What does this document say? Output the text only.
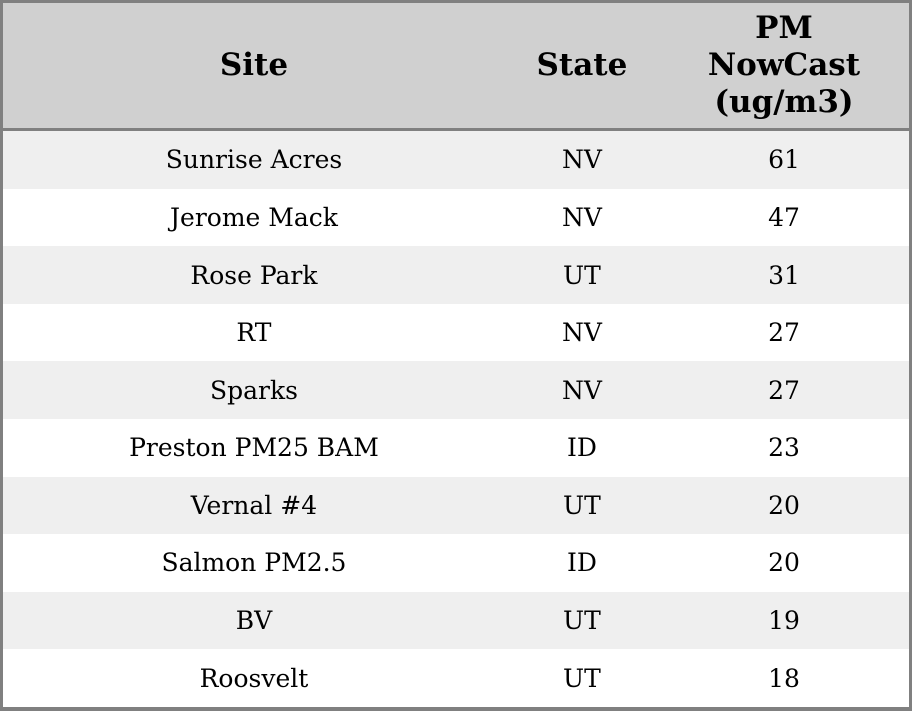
Site	State	PM NowCast (ug/m3)
Sunrise Acres	NV	61
Jerome Mack	NV	47
Rose Park	UT	31
RT	NV	27
Sparks	NV	27
Preston PM25 BAM	ID	23
Vernal #4	UT	20
Salmon PM2.5	ID	20
BV	UT	19
Roosvelt	UT	18
